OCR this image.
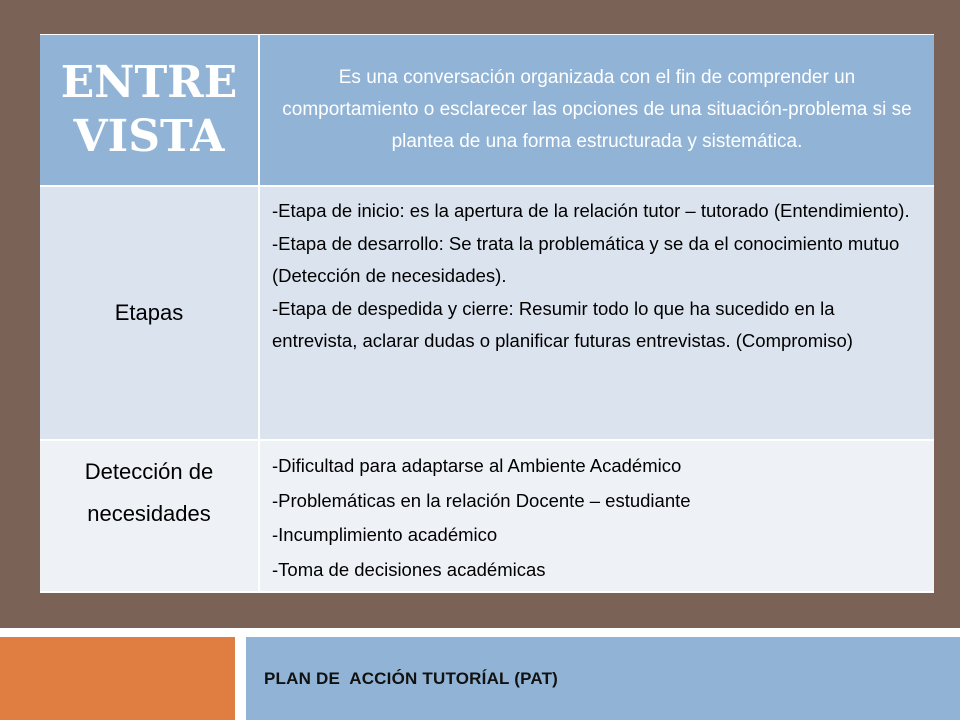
ENTRE
VISTA
Es una conversación organizada con el fin de comprender un comportamiento o esclarecer las opciones de una situación-problema si se plantea de una forma estructurada y sistemática.
Etapas
-Etapa de inicio: es la apertura de la relación tutor – tutorado (Entendimiento).
-Etapa de desarrollo: Se trata la problemática y se da el conocimiento mutuo (Detección de necesidades).
-Etapa de despedida y cierre: Resumir todo lo que ha sucedido en la entrevista, aclarar dudas o planificar futuras entrevistas. (Compromiso)
Detección de
necesidades
-Dificultad para adaptarse al Ambiente Académico
-Problemáticas en la relación Docente – estudiante
-Incumplimiento académico
-Toma de decisiones académicas
PLAN DE  ACCIÓN TUTORÍAL (PAT)
